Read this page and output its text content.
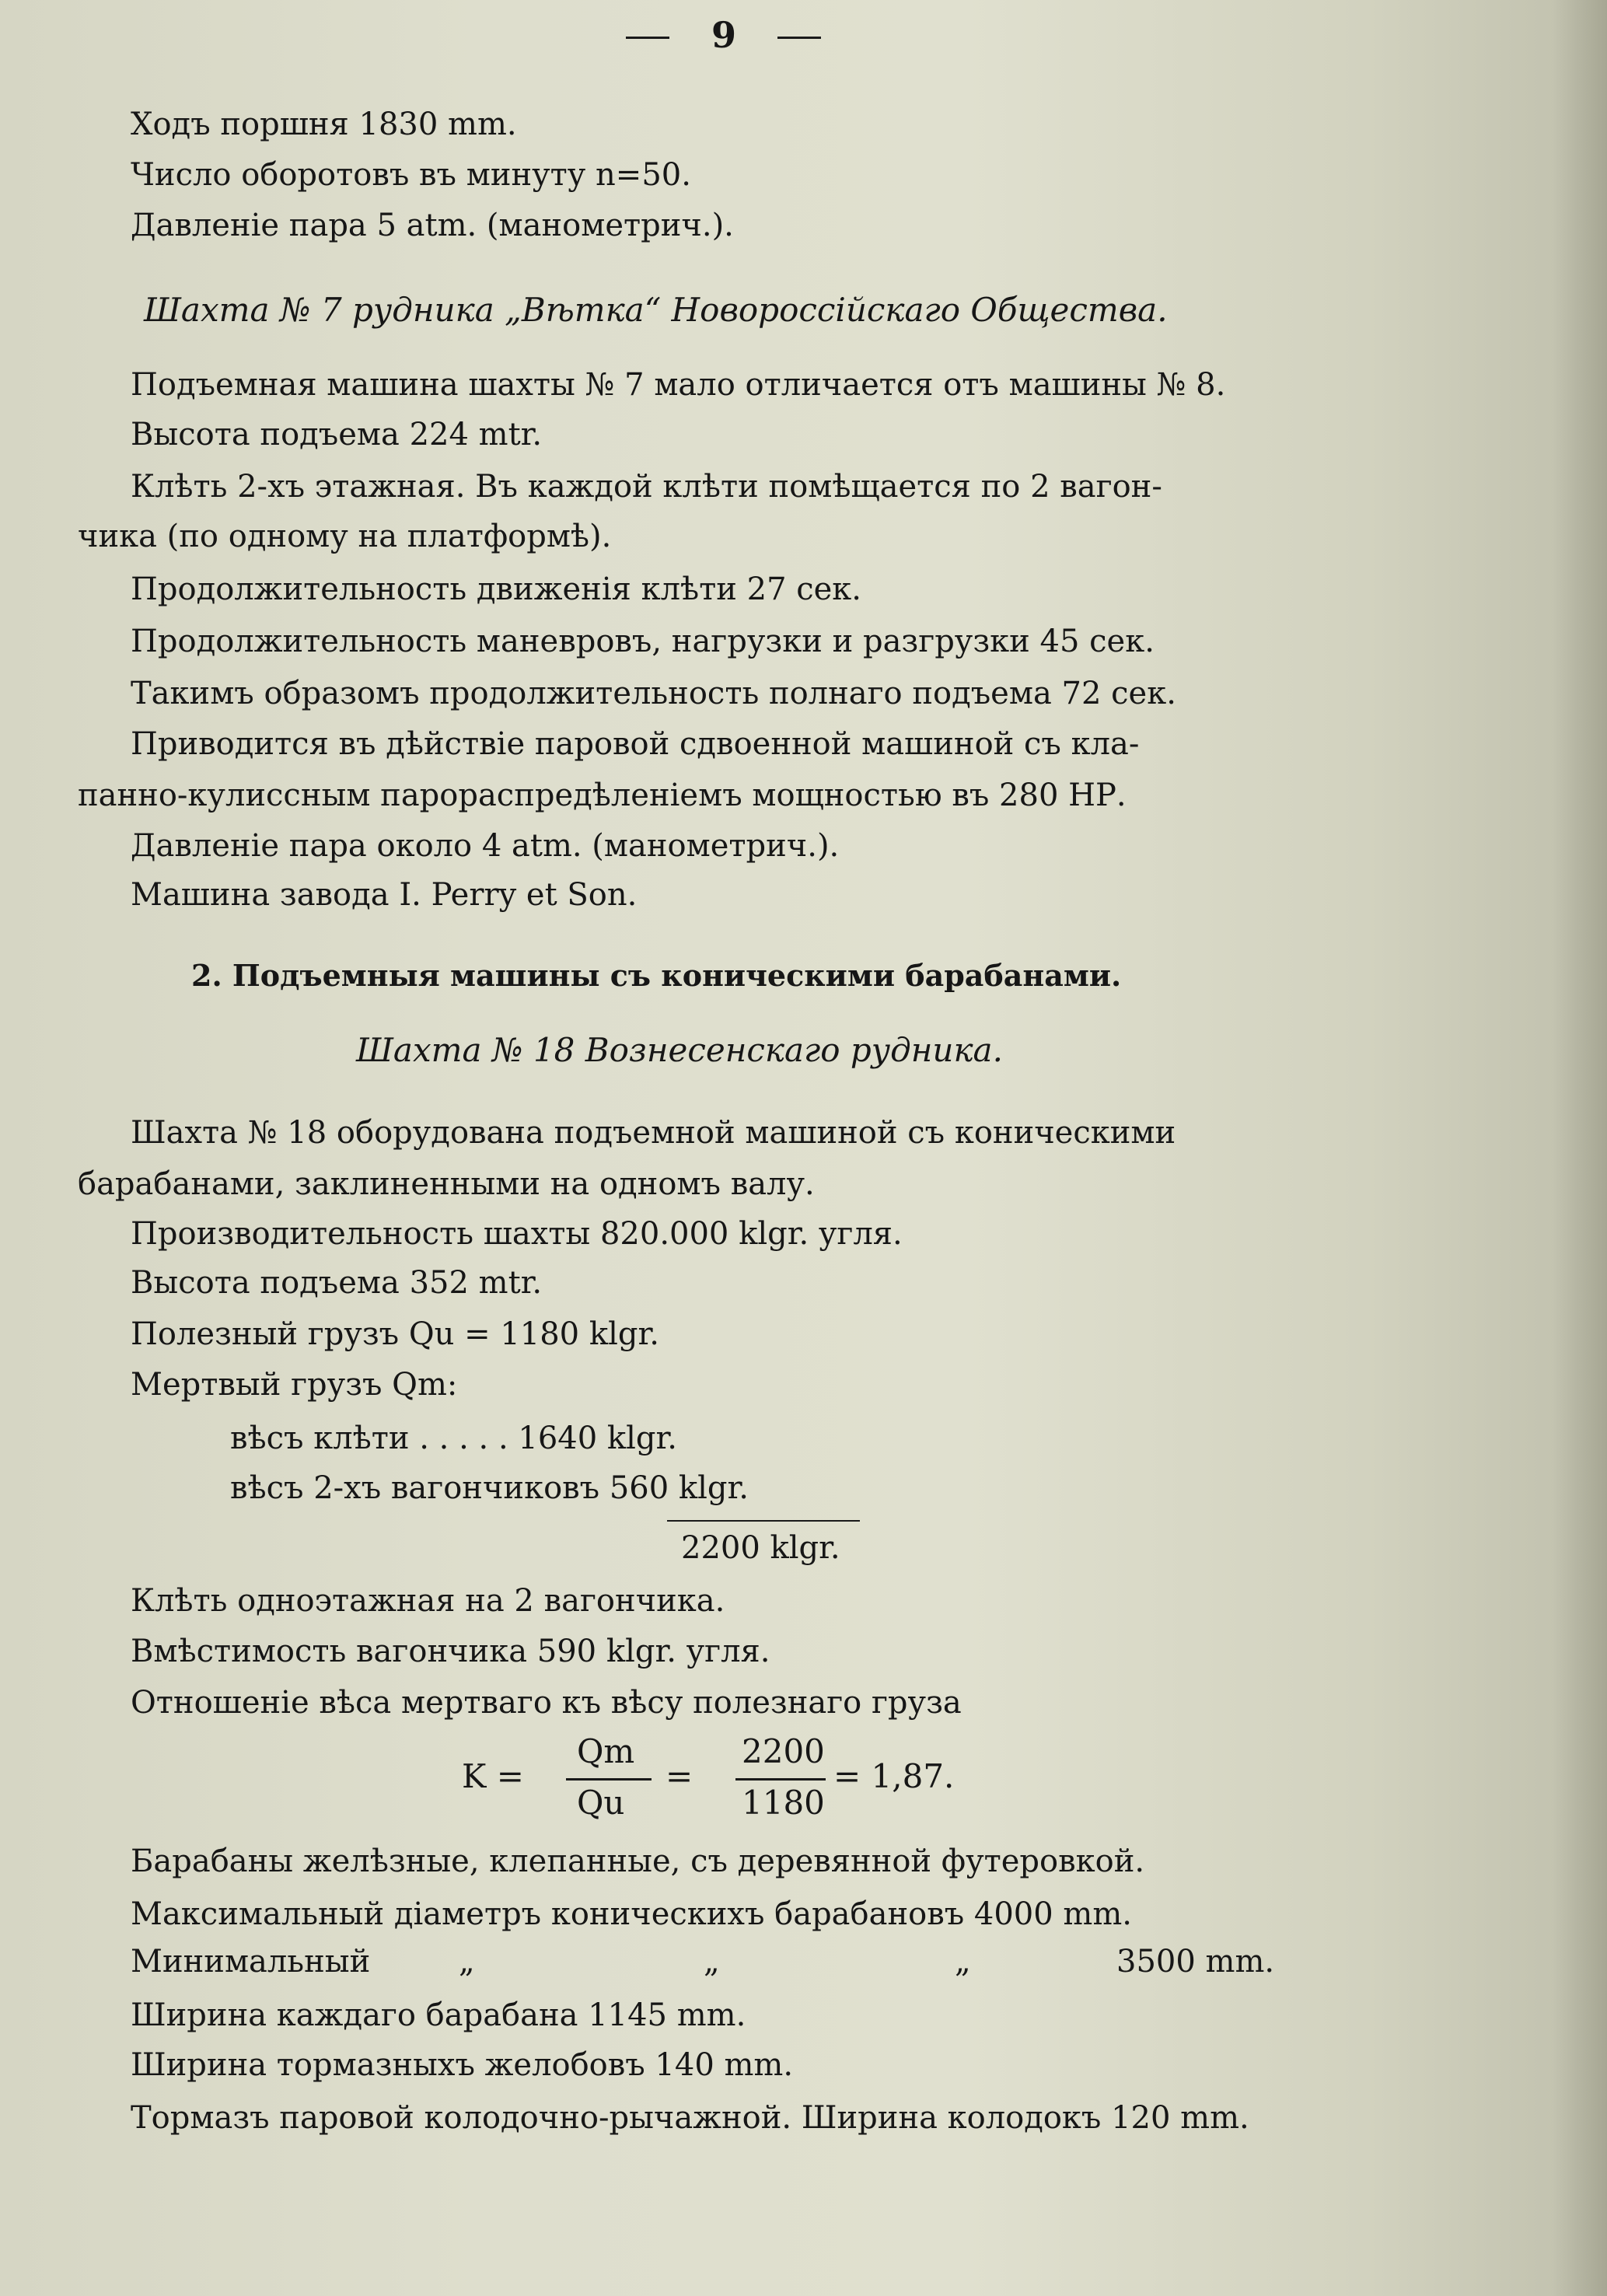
9
Ходъ поршня 1830 mm.
Число оборотовъ въ минуту n=50.
Давленіе пара 5 atm. (манометрич.).
Шахта № 7 рудника „Вѣтка“ Новороссійскаго Общества.
Подъемная машина шахты № 7 мало отличается отъ машины № 8.
Высота подъема 224 mtr.
Клѣть 2-хъ этажная. Въ каждой клѣти помѣщается по 2 вагон-
чика (по одному на платформѣ).
Продолжительность движенія клѣти 27 сек.
Продолжительность маневровъ, нагрузки и разгрузки 45 сек.
Такимъ образомъ продолжительность полнаго подъема 72 сек.
Приводится въ дѣйствіе паровой сдвоенной машиной съ кла-
панно-кулиссным парораспредѣленіемъ мощностью въ 280 НР.
Давленіе пара около 4 atm. (манометрич.).
Машина завода I. Perry et Son.
2. Подъемныя машины съ коническими барабанами.
Шахта № 18 Вознесенскаго рудника.
Шахта № 18 оборудована подъемной машиной съ коническими
барабанами, заклиненными на одномъ валу.
Производительность шахты 820.000 klgr. угля.
Высота подъема 352 mtr.
Полезный грузъ Qu = 1180 klgr.
Мертвый грузъ Qm:
вѣсъ клѣти . . . . . 1640 klgr.
вѣсъ 2-хъ вагончиковъ 560 klgr.
2200 klgr.
Клѣть одноэтажная на 2 вагончика.
Вмѣстимость вагончика 590 klgr. угля.
Отношеніе вѣса мертваго къ вѣсу полезнаго груза
K =
Qm
Qu
=
2200
1180
= 1,87.
Барабаны желѣзные, клепанные, съ деревянной футеровкой.
Максимальный діаметръ коническихъ барабановъ 4000 mm.
Минимальный	„	„	„	3500 mm.
Ширина каждаго барабана 1145 mm.
Ширина тормазныхъ желобовъ 140 mm.
Тормазъ паровой колодочно-рычажной. Ширина колодокъ 120 mm.
